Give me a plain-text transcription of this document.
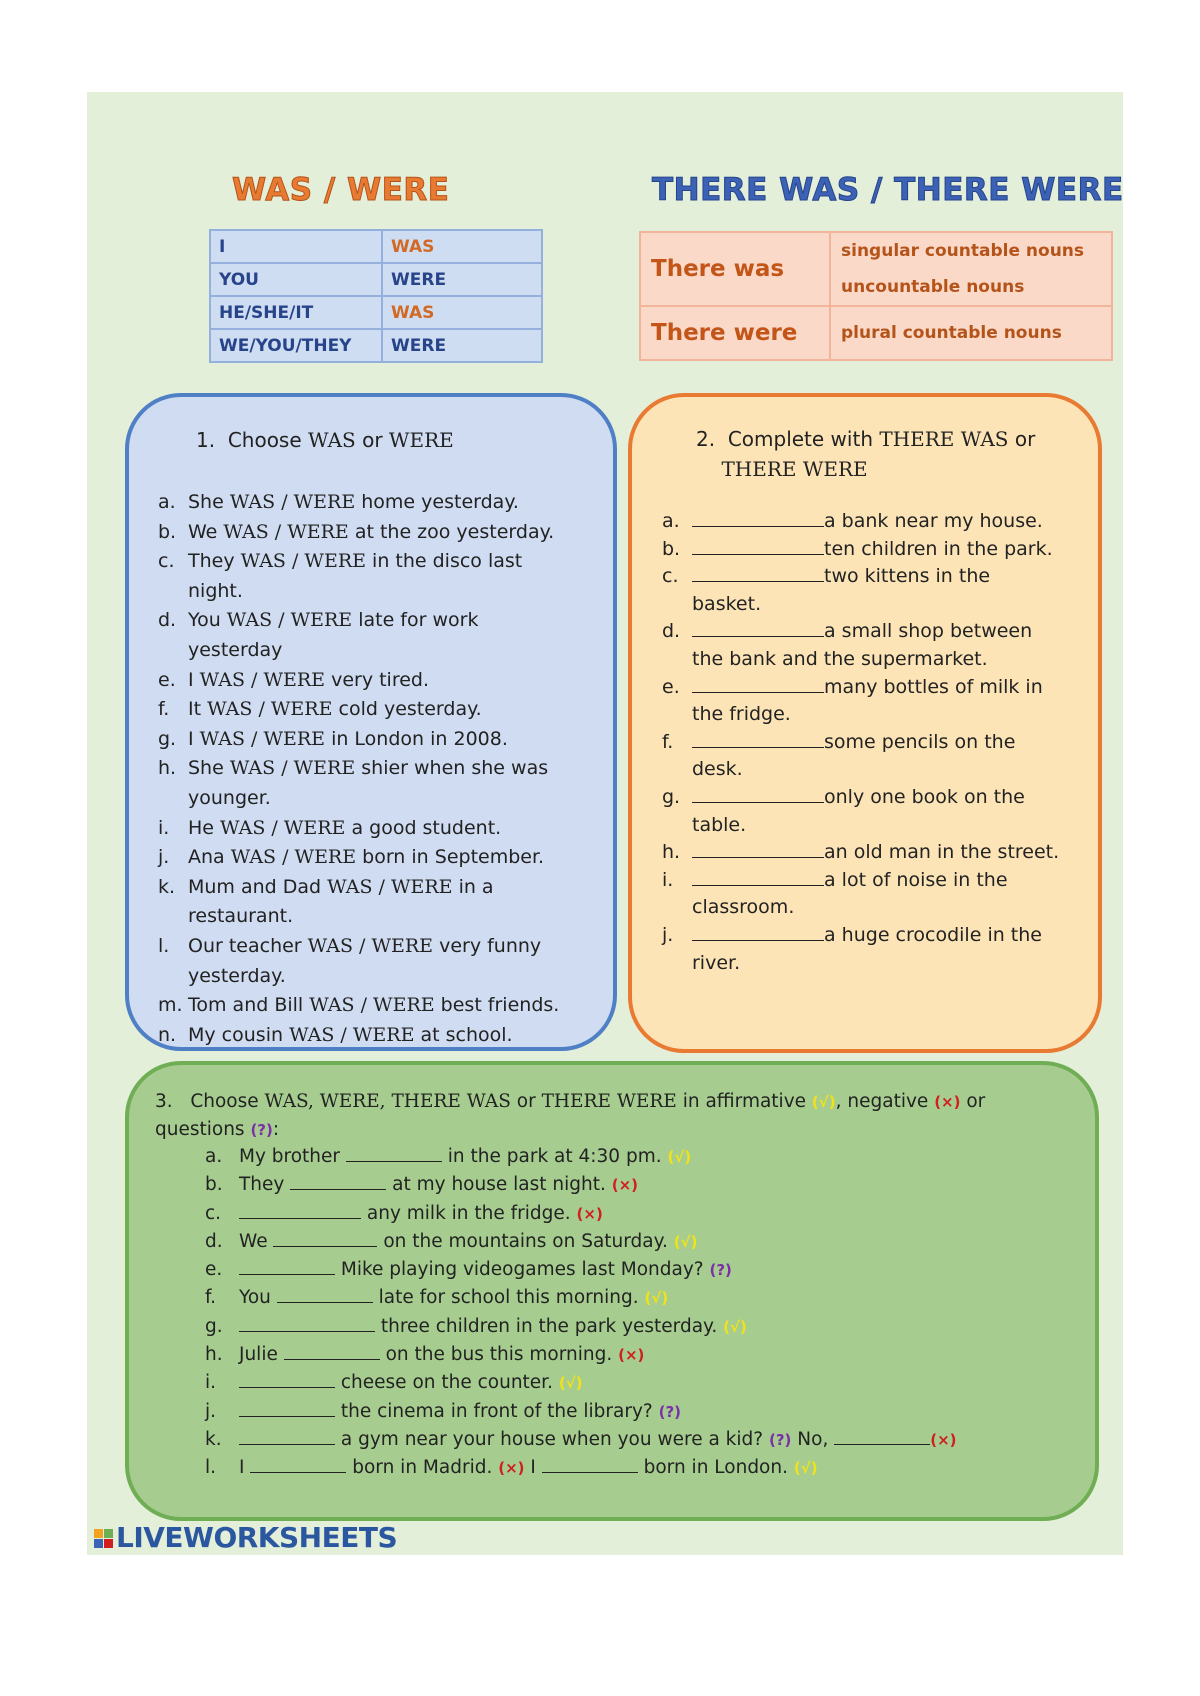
WAS / WERE	THERE WAS / THERE WERE
I	WAS
YOU	WERE
HE/SHE/IT	WAS
WE/YOU/THEY	WERE
There was	singular countable nouns
uncountable nouns

There were	plural countable nouns

1. Choose WAS or WERE

a. She WAS / WERE home yesterday.
b. We WAS / WERE at the zoo yesterday.
c. They WAS / WERE in the disco last night.
d. You WAS / WERE late for work yesterday
e. I WAS / WERE very tired.
f. It WAS / WERE cold yesterday.
g. I WAS / WERE in London in 2008.
h. She WAS / WERE shier when she was younger.
i. He WAS / WERE a good student.
j. Ana WAS / WERE born in September.
k. Mum and Dad WAS / WERE in a restaurant.
l. Our teacher WAS / WERE very funny yesterday.
m. Tom and Bill WAS / WERE best friends.
n. My cousin WAS / WERE at school.

2. Complete with THERE WAS or
THERE WERE

a.	a bank near my house.
b.	ten children in the park.
c.	two kittens in the basket.
d.	a small shop between the bank and the supermarket.
e.	many bottles of milk in the fridge.
f.	some pencils on the desk.
g.	only one book on the table.
h.	an old man in the street.
i.	a lot of noise in the classroom.
j.	a huge crocodile in the river.

3. Choose WAS, WERE, THERE WAS or THERE WERE in affirmative (√), negative (×) or questions (?):

a. My brother	in the park at 4:30 pm. (√)
b. They	at my house last night. (×)
c.	any milk in the fridge. (×)
d. We	on the mountains on Saturday. (√)
e.	Mike playing videogames last Monday? (?)
f. You	late for school this morning. (√)
g.	three children in the park yesterday. (√)
h. Julie	on the bus this morning. (×)
i.	cheese on the counter. (√)
j.	the cinema in front of the library? (?)
k.	a gym near your house when you were a kid? (?) No,	(×)
l. I	born in Madrid. (×) I	born in London. (√)
LIVEWORKSHEETS
